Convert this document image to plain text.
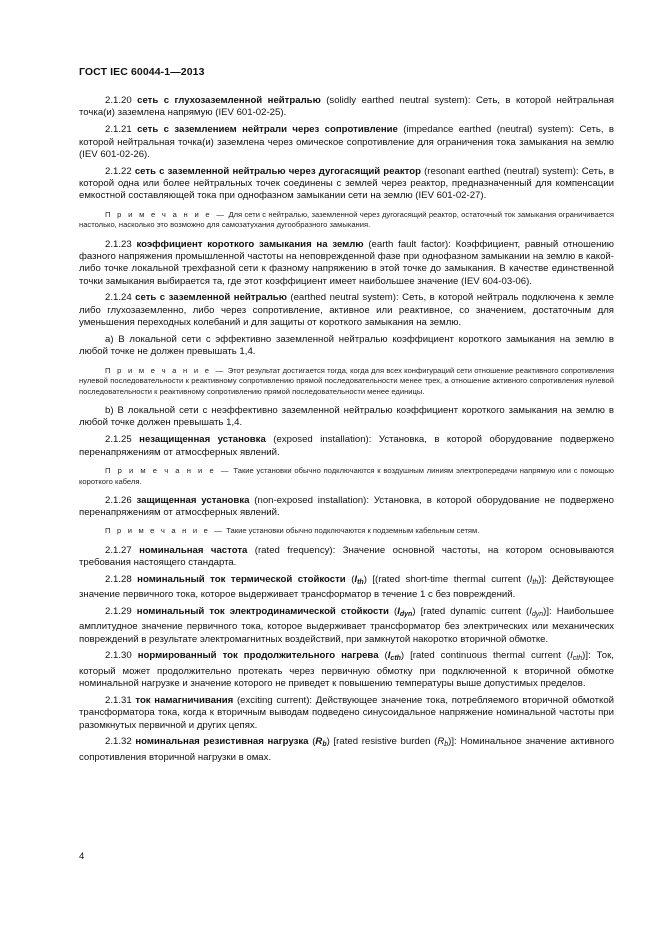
ГОСТ IEC 60044-1—2013

2.1.20 сеть с глухозаземленной нейтралью (solidly earthed neutral system): Сеть, в которой нейтральная точка(и) заземлена напрямую (IEV 601-02-25).

2.1.21 сеть с заземлением нейтрали через сопротивление (impedance earthed (neutral) system): Сеть, в которой нейтральная точка(и) заземлена через омическое сопротивление для ограничения тока замыкания на землю (IEV 601-02-26).

2.1.22 сеть с заземленной нейтралью через дугогасящий реактор (resonant earthed (neutral) system): Сеть, в которой одна или более нейтральных точек соединены с землей через реактор, предназначенный для компенсации емкостной составляющей тока при однофазном замыкании сети на землю (IEV 601-02-27).

П р и м е ч а н и е — Для сети с нейтралью, заземленной через дугогасящий реактор, остаточный ток замыкания ограничивается настолько, насколько это возможно для самозатухания дугообразного замыкания.

2.1.23 коэффициент короткого замыкания на землю (earth fault factor): Коэффициент, равный отношению фазного напряжения промышленной частоты на неповрежденной фазе при однофазном замыкании на землю в какой-либо точке локальной трехфазной сети к фазному напряжению в этой точке до замыкания. В качестве единственной точки замыкания выбирается та, где этот коэффициент имеет наибольшее значение (IEV 604-03-06).

2.1.24 сеть с заземленной нейтралью (earthed neutral system): Сеть, в которой нейтраль подключена к земле либо глухозаземленно, либо через сопротивление, активное или реактивное, со значением, достаточным для уменьшения переходных колебаний и для защиты от короткого замыкания на землю.

a) В локальной сети с эффективно заземленной нейтралью коэффициент короткого замыкания на землю в любой точке не должен превышать 1,4.

П р и м е ч а н и е — Этот результат достигается тогда, когда для всех конфигураций сети отношение реактивного сопротивления нулевой последовательности к реактивному сопротивлению прямой последовательности менее трех, а отношение активного сопротивления нулевой последовательности к реактивному сопротивлению прямой последовательности менее единицы.

b) В локальной сети с неэффективно заземленной нейтралью коэффициент короткого замыкания на землю в любой точке должен превышать 1,4.

2.1.25 незащищенная установка (exposed installation): Установка, в которой оборудование подвержено перенапряжениям от атмосферных явлений.

П р и м е ч а н и е — Такие установки обычно подключаются к воздушным линиям электропередачи напрямую или с помощью короткого кабеля.

2.1.26 защищенная установка (non-exposed installation): Установка, в которой оборудование не подвержено перенапряжениям от атмосферных явлений.

П р и м е ч а н и е — Такие установки обычно подключаются к подземным кабельным сетям.

2.1.27 номинальная частота (rated frequency): Значение основной частоты, на котором основываются требования настоящего стандарта.

2.1.28 номинальный ток термической стойкости $(I_{th})$ [(rated short-time thermal current $(I_{th})$]: Действующее значение первичного тока, которое выдерживает трансформатор в течение 1 с без повреждений.

2.1.29 номинальный ток электродинамической стойкости $(I_{dyn})$ [rated dynamic current $(I_{dyn})$]: Наибольшее амплитудное значение первичного тока, которое выдерживает трансформатор без электрических или механических повреждений в результате электромагнитных воздействий, при замкнутой накоротко вторичной обмотке.

2.1.30 нормированный ток продолжительного нагрева $(I_{cth})$ [rated continuous thermal current $(I_{cth})$]: Ток, который может продолжительно протекать через первичную обмотку при подключенной к вторичной обмотке номинальной нагрузке и значение которого не приведет к повышению температуры выше допустимых пределов.

2.1.31 ток намагничивания (exciting current): Действующее значение тока, потребляемого вторичной обмоткой трансформатора тока, когда к вторичным выводам подведено синусоидальное напряжение номинальной частоты при разомкнутых первичной и других цепях.

2.1.32 номинальная резистивная нагрузка $(R_b)$ [rated resistive burden $(R_b)$]: Номинальное значение активного сопротивления вторичной нагрузки в омах.

4
